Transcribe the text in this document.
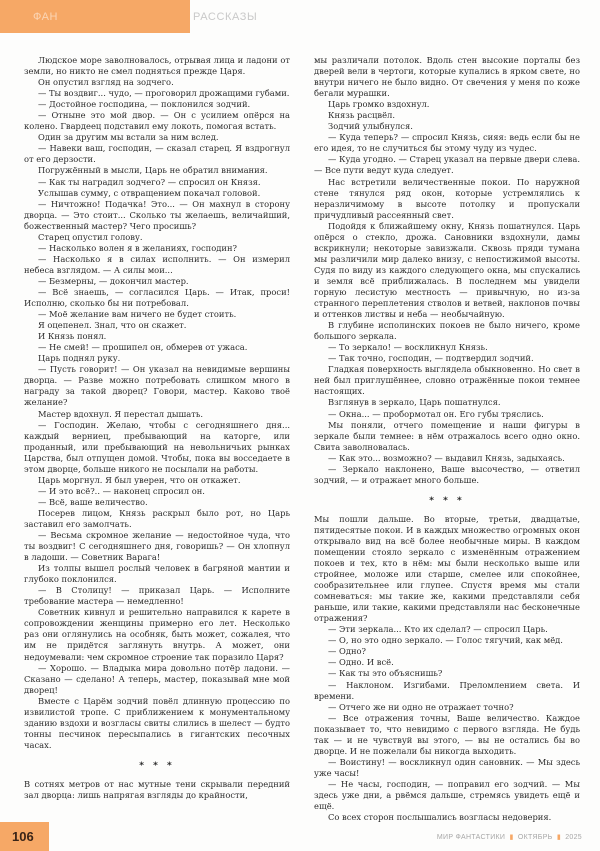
ФАН	РАССКАЗЫ

Людское море заволновалось, отрывая лица и ладони от земли, но никто не смел подняться прежде Царя.

Он опустил взгляд на зодчего.

— Ты воздвиг... чудо, — проговорил дрожащими губами.

— Достойное господина, — поклонился зодчий.

— Отныне это мой двор. — Он с усилием опёрся на колено. Гвардеец подставил ему локоть, помогая встать.

Один за другим мы встали за ним вслед.

— Навеки ваш, господин, — сказал старец. Я вздрогнул от его дерзости.

Погружённый в мысли, Царь не обратил внимания.

— Как ты наградил зодчего? — спросил он Князя.

Услышав сумму, с отвращением покачал головой.

— Ничтожно! Подачка! Это... — Он махнул в сторону дворца. — Это стоит... Сколько ты желаешь, величайший, божественный мастер? Чего просишь?

Старец опустил голову.

— Насколько волен я в желаниях, господин?

— Насколько я в силах исполнить. — Он измерил небеса взглядом. — А силы мои...

— Безмерны, — докончил мастер.

— Всё знаешь, — согласился Царь. — Итак, проси! Исполню, сколько бы ни потребовал.

— Моё желание вам ничего не будет стоить.

Я оцепенел. Знал, что он скажет.

И Князь понял.

— Не смей! — прошипел он, обмерев от ужаса.

Царь поднял руку.

— Пусть говорит! — Он указал на невидимые вершины дворца. — Разве можно потребовать слишком много в награду за такой дворец? Говори, мастер. Каково твоё желание?

Мастер вдохнул. Я перестал дышать.

— Господин. Желаю, чтобы с сегодняшнего дня... каждый верниец, пребывающий на каторге, или проданный, или пребывающий на невольничьих рынках Царства, был отпущен домой. Чтобы, пока вы восседаете в этом дворце, больше никого не посылали на работы.

Царь моргнул. Я был уверен, что он откажет.

— И это всё?.. — наконец спросил он.

— Всё, ваше величество.

Посерев лицом, Князь раскрыл было рот, но Царь заставил его замолчать.

— Весьма скромное желание — недостойное чуда, что ты воздвиг! С сегодняшнего дня, говоришь? — Он хлопнул в ладоши. — Советник Варага!

Из толпы вышел рослый человек в багряной мантии и глубоко поклонился.

— В Столицу! — приказал Царь. — Исполните требование мастера — немедленно!

Советник кивнул и решительно направился к карете в сопровождении женщины примерно его лет. Несколько раз они оглянулись на особняк, быть может, сожалея, что им не придётся заглянуть внутрь. А может, они недоумевали: чем скромное строение так поразило Царя?

— Хорошо. — Владыка мира довольно потёр ладони. — Сказано — сделано! А теперь, мастер, показывай мне мой дворец!

Вместе с Царём зодчий повёл длинную процессию по извилистой тропе. С приближением к монументальному зданию вздохи и возгласы свиты слились в шелест — будто тонны песчинок пересыпались в гигантских песочных часах.

* * *

В сотнях метров от нас мутные тени скрывали передний зал дворца: лишь напрягая взгляды до крайности,

мы различали потолок. Вдоль стен высокие порталы без дверей вели в чертоги, которые купались в ярком свете, но внутри ничего не было видно. От свечения у меня по коже бегали мурашки.

Царь громко вздохнул.

Князь расцвёл.

Зодчий улыбнулся.

— Куда теперь? — спросил Князь, сияя: ведь если бы не его идея, то не случиться бы этому чуду из чудес.

— Куда угодно. — Старец указал на первые двери слева. — Все пути ведут куда следует.

Нас встретили величественные покои. По наружной стене тянулся ряд окон, которые устремлялись к неразличимому в высоте потолку и пропускали причудливый рассеянный свет.

Подойдя к ближайшему окну, Князь пошатнулся. Царь опёрся о стекло, дрожа. Сановники вздохнули, дамы вскрикнули; некоторые завизжали. Сквозь пряди тумана мы различили мир далеко внизу, с непостижимой высоты. Судя по виду из каждого следующего окна, мы спускались и земля всё приближалась. В последнем мы увидели горную лесистую местность — привычную, но из-за странного переплетения стволов и ветвей, наклонов почвы и оттенков листвы и неба — необычайную.

В глубине исполинских покоев не было ничего, кроме большого зеркала.

— То зеркало! — воскликнул Князь.

— Так точно, господин, — подтвердил зодчий.

Гладкая поверхность выглядела обыкновенно. Но свет в ней был приглушённее, словно отражённые покои темнее настоящих.

Взглянув в зеркало, Царь пошатнулся.

— Окна... — пробормотал он. Его губы тряслись.

Мы поняли, отчего помещение и наши фигуры в зеркале были темнее: в нём отражалось всего одно окно. Свита заволновалась.

— Как это... возможно? — выдавил Князь, задыхаясь.

— Зеркало наклонено, Ваше высочество, — ответил зодчий, — и отражает много больше.

* * *

Мы пошли дальше. Во вторые, третьи, двадцатые, пятидесятые покои. И в каждых множество огромных окон открывало вид на всё более необычные миры. В каждом помещении стояло зеркало с изменённым отражением покоев и тех, кто в нём: мы были несколько выше или стройнее, моложе или старше, смелее или спокойнее, сообразительнее или глупее. Спустя время мы стали сомневаться: мы такие же, какими представляли себя раньше, или такие, какими представляли нас бесконечные отражения?

— Эти зеркала... Кто их сделал? — спросил Царь.

— О, но это одно зеркало. — Голос тягучий, как мёд.

— Одно?

— Одно. И всё.

— Как ты это объяснишь?

— Наклоном. Изгибами. Преломлением света. И времени.

— Отчего же ни одно не отражает точно?

— Все отражения точны, Ваше величество. Каждое показывает то, что невидимо с первого взгляда. Не будь так — и не чувствуй вы этого, — вы не остались бы во дворце. И не пожелали бы никогда выходить.

— Воистину! — воскликнул один сановник. — Мы здесь уже часы!

— Не часы, господин, — поправил его зодчий. — Мы здесь уже дни, а рвёмся дальше, стремясь увидеть ещё и ещё.

Со всех сторон послышались возгласы недоверия.

106	МИР ФАНТАСТИКИ ▮ ОКТЯБРЬ ▮ 2025
